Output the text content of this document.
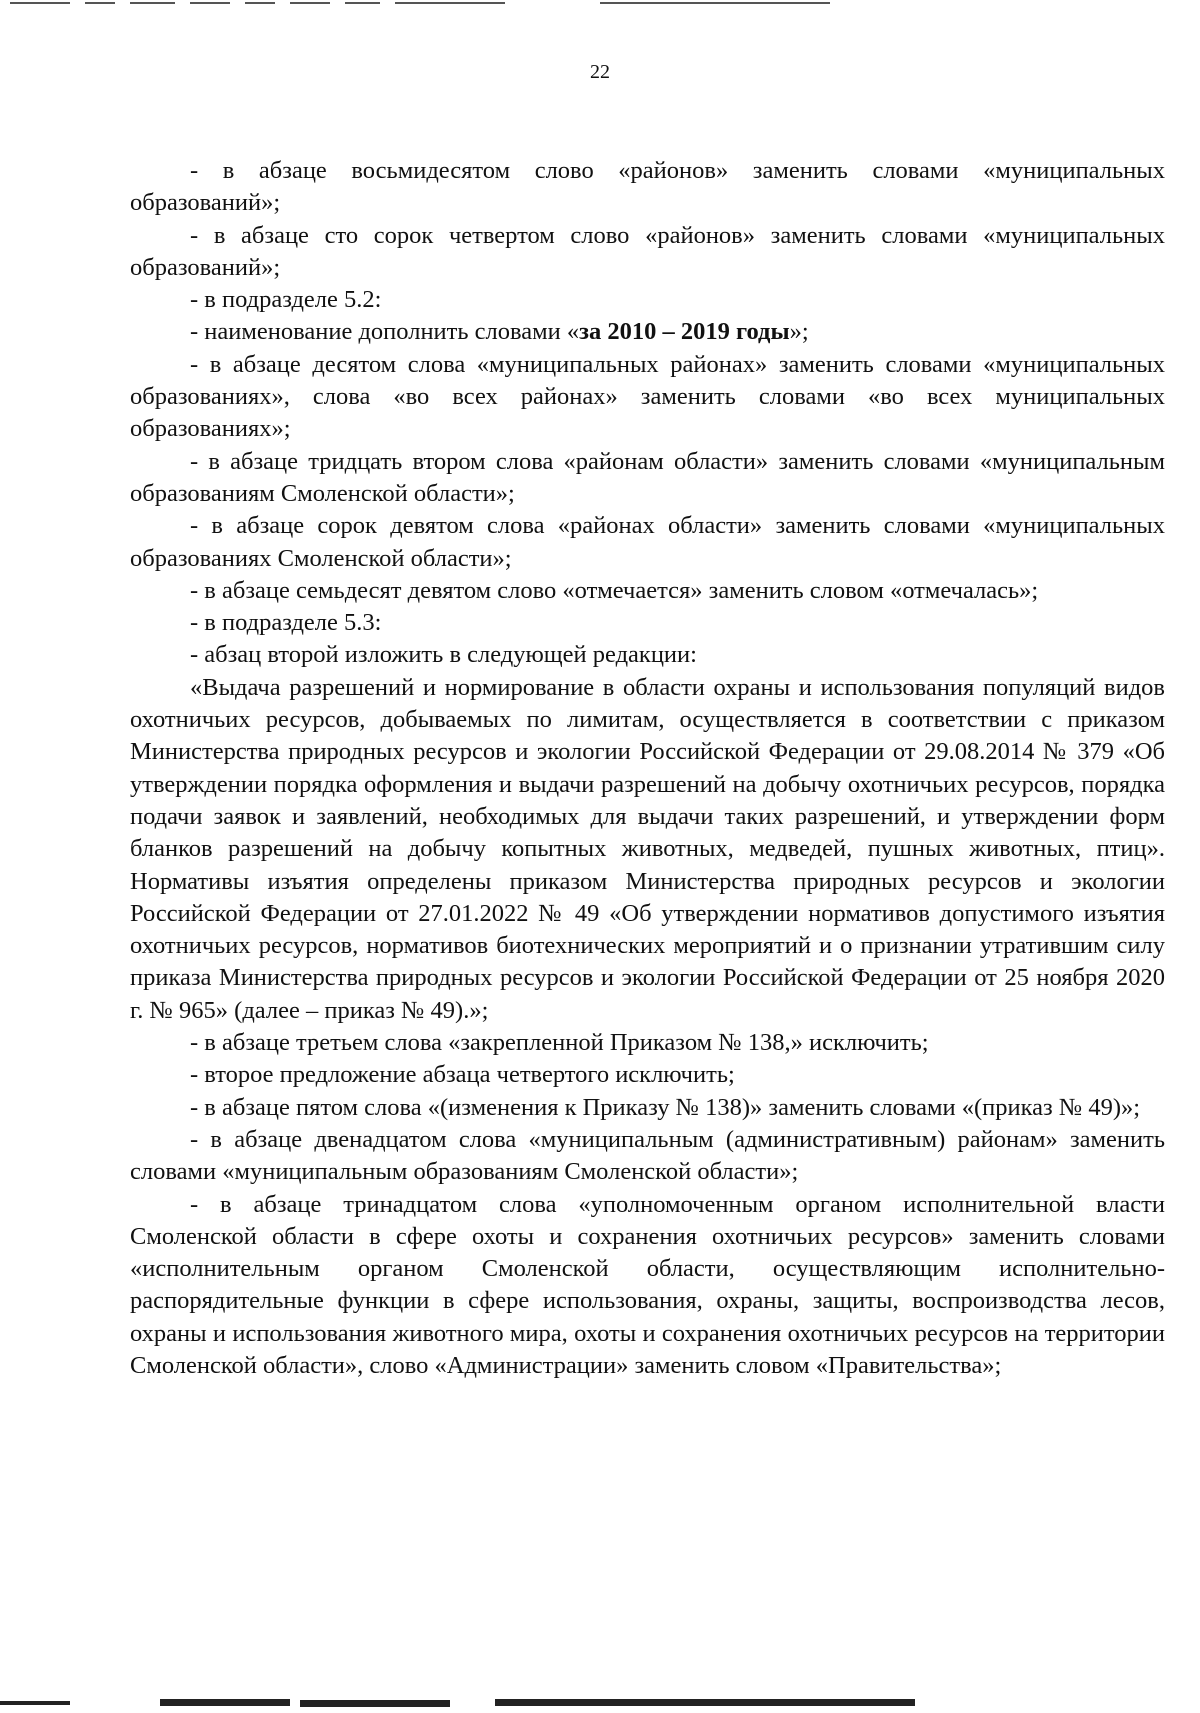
22

- в абзаце восьмидесятом слово «районов» заменить словами «муниципальных образований»;

- в абзаце сто сорок четвертом слово «районов» заменить словами «муниципальных образований»;

- в подразделе 5.2:

- наименование дополнить словами «за 2010 – 2019 годы»;

- в абзаце десятом слова «муниципальных районах» заменить словами «муниципальных образованиях», слова «во всех районах» заменить словами «во всех муниципальных образованиях»;

- в абзаце тридцать втором слова «районам области» заменить словами «муниципальным образованиям Смоленской области»;

- в абзаце сорок девятом слова «районах области» заменить словами «муниципальных образованиях Смоленской области»;

- в абзаце семьдесят девятом слово «отмечается» заменить словом «отмечалась»;

- в подразделе 5.3:

- абзац второй изложить в следующей редакции:

«Выдача разрешений и нормирование в области охраны и использования популяций видов охотничьих ресурсов, добываемых по лимитам, осуществляется в соответствии с приказом Министерства природных ресурсов и экологии Российской Федерации от 29.08.2014 № 379 «Об утверждении порядка оформления и выдачи разрешений на добычу охотничьих ресурсов, порядка подачи заявок и заявлений, необходимых для выдачи таких разрешений, и утверждении форм бланков разрешений на добычу копытных животных, медведей, пушных животных, птиц». Нормативы изъятия определены приказом Министерства природных ресурсов и экологии Российской Федерации от 27.01.2022 № 49 «Об утверждении нормативов допустимого изъятия охотничьих ресурсов, нормативов биотехнических мероприятий и о признании утратившим силу приказа Министерства природных ресурсов и экологии Российской Федерации от 25 ноября 2020 г. № 965» (далее – приказ № 49).»;

- в абзаце третьем слова «закрепленной Приказом № 138,» исключить;

- второе предложение абзаца четвертого исключить;

- в абзаце пятом слова «(изменения к Приказу № 138)» заменить словами «(приказ № 49)»;

- в абзаце двенадцатом слова «муниципальным (административным) районам» заменить словами «муниципальным образованиям Смоленской области»;

- в абзаце тринадцатом слова «уполномоченным органом исполнительной власти Смоленской области в сфере охоты и сохранения охотничьих ресурсов» заменить словами «исполнительным органом Смоленской области, осуществляющим исполнительно-распорядительные функции в сфере использования, охраны, защиты, воспроизводства лесов, охраны и использования животного мира, охоты и сохранения охотничьих ресурсов на территории Смоленской области», слово «Администрации» заменить словом «Правительства»;
